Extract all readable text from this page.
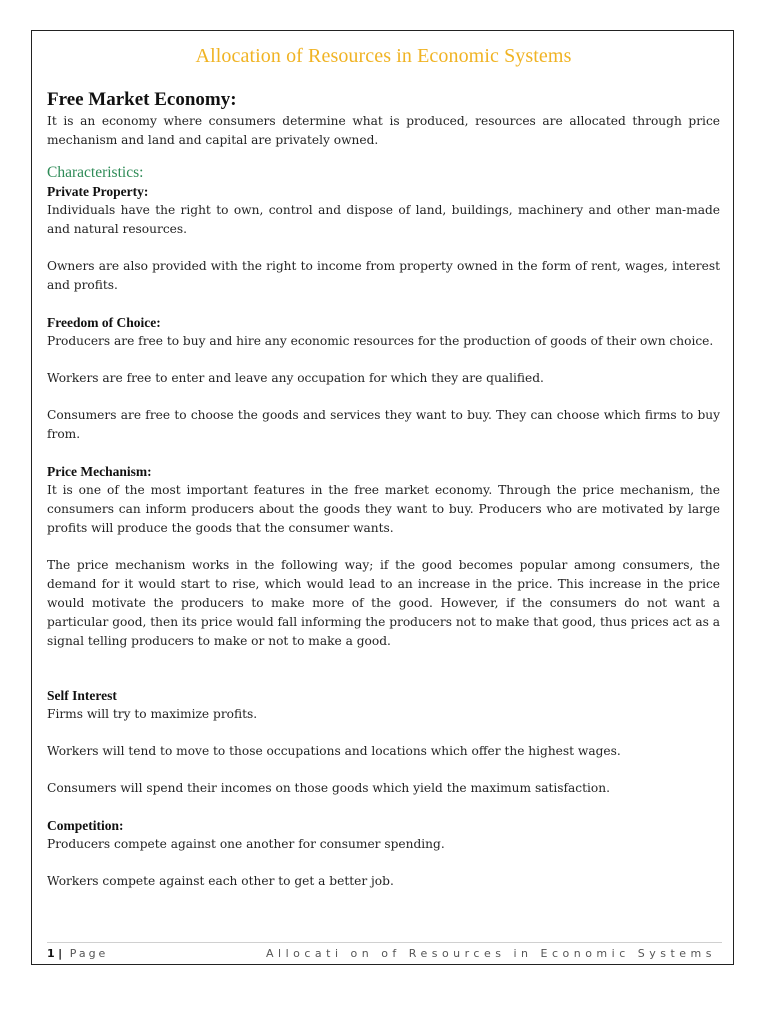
Allocation of Resources in Economic Systems
Free Market Economy:

It is an economy where consumers determine what is produced, resources are allocated through price mechanism and land and capital are privately owned.

Characteristics:
Private Property:

Individuals have the right to own, control and dispose of land, buildings, machinery and other man-made and natural resources.

Owners are also provided with the right to income from property owned in the form of rent, wages, interest and profits.

Freedom of Choice:

Producers are free to buy and hire any economic resources for the production of goods of their own choice.

Workers are free to enter and leave any occupation for which they are qualified.

Consumers are free to choose the goods and services they want to buy. They can choose which firms to buy from.

Price Mechanism:

It is one of the most important features in the free market economy. Through the price mechanism, the consumers can inform producers about the goods they want to buy. Producers who are motivated by large profits will produce the goods that the consumer wants.

The price mechanism works in the following way; if the good becomes popular among consumers, the demand for it would start to rise, which would lead to an increase in the price. This increase in the price would motivate the producers to make more of the good. However, if the consumers do not want a particular good, then its price would fall informing the producers not to make that good, thus prices act as a signal telling producers to make or not to make a good.

Self Interest

Firms will try to maximize profits.

Workers will tend to move to those occupations and locations which offer the highest wages.

Consumers will spend their incomes on those goods which yield the maximum satisfaction.

Competition:

Producers compete against one another for consumer spending.

Workers compete against each other to get a better job.

1 | Page	Allocati on of Resources in Economic Systems
